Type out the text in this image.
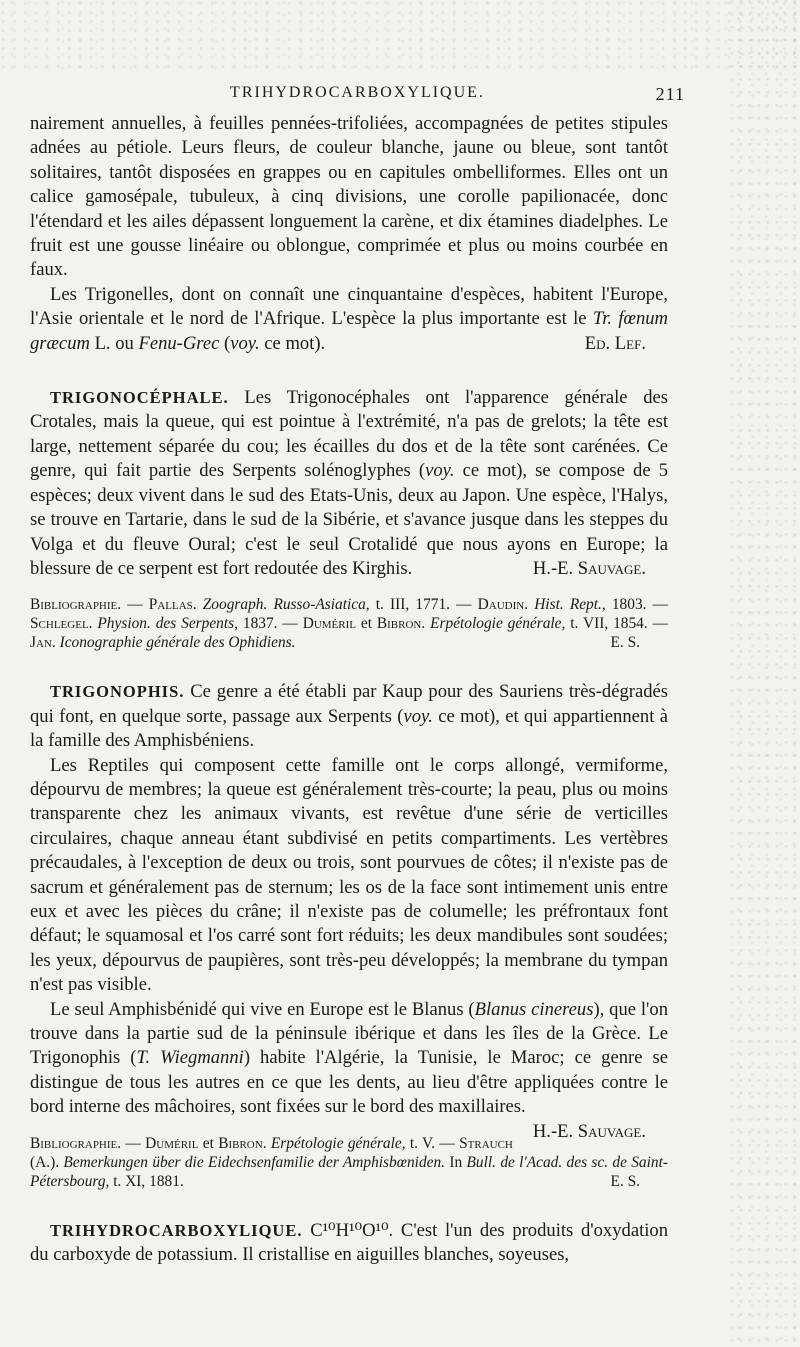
TRIHYDROCARBOXYLIQUE.	211

nairement annuelles, à feuilles pennées-trifoliées, accompagnées de petites stipules adnées au pétiole. Leurs fleurs, de couleur blanche, jaune ou bleue, sont tantôt solitaires, tantôt disposées en grappes ou en capitules ombelliformes. Elles ont un calice gamosépale, tubuleux, à cinq divisions, une corolle papilionacée, donc l'étendard et les ailes dépassent longuement la carène, et dix étamines diadelphes. Le fruit est une gousse linéaire ou oblongue, comprimée et plus ou moins courbée en faux.

Les Trigonelles, dont on connaît une cinquantaine d'espèces, habitent l'Europe, l'Asie orientale et le nord de l'Afrique. L'espèce la plus importante est le Tr. fœnum græcum L. ou Fenu-Grec (voy. ce mot).	Ed. Lef.

TRIGONOCÉPHALE. Les Trigonocéphales ont l'apparence générale des Crotales, mais la queue, qui est pointue à l'extrémité, n'a pas de grelots; la tête est large, nettement séparée du cou; les écailles du dos et de la tête sont carénées. Ce genre, qui fait partie des Serpents solénoglyphes (voy. ce mot), se compose de 5 espèces; deux vivent dans le sud des Etats-Unis, deux au Japon. Une espèce, l'Halys, se trouve en Tartarie, dans le sud de la Sibérie, et s'avance jusque dans les steppes du Volga et du fleuve Oural; c'est le seul Crotalidé que nous ayons en Europe; la blessure de ce serpent est fort redoutée des Kirghis.	H.-E. Sauvage.

Bibliographie. — Pallas. Zoograph. Russo-Asiatica, t. III, 1771. — Daudin. Hist. Rept., 1803. — Schlegel. Physion. des Serpents, 1837. — Duméril et Bibron. Erpétologie générale, t. VII, 1854. — Jan. Iconographie générale des Ophidiens.	E. S.

TRIGONOPHIS. Ce genre a été établi par Kaup pour des Sauriens très-dégradés qui font, en quelque sorte, passage aux Serpents (voy. ce mot), et qui appartiennent à la famille des Amphisbéniens.

Les Reptiles qui composent cette famille ont le corps allongé, vermiforme, dépourvu de membres; la queue est généralement très-courte; la peau, plus ou moins transparente chez les animaux vivants, est revêtue d'une série de verticilles circulaires, chaque anneau étant subdivisé en petits compartiments. Les vertèbres précaudales, à l'exception de deux ou trois, sont pourvues de côtes; il n'existe pas de sacrum et généralement pas de sternum; les os de la face sont intimement unis entre eux et avec les pièces du crâne; il n'existe pas de columelle; les préfrontaux font défaut; le squamosal et l'os carré sont fort réduits; les deux mandibules sont soudées; les yeux, dépourvus de paupières, sont très-peu développés; la membrane du tympan n'est pas visible.

Le seul Amphisbénidé qui vive en Europe est le Blanus (Blanus cinereus), que l'on trouve dans la partie sud de la péninsule ibérique et dans les îles de la Grèce. Le Trigonophis (T. Wiegmanni) habite l'Algérie, la Tunisie, le Maroc; ce genre se distingue de tous les autres en ce que les dents, au lieu d'être appliquées contre le bord interne des mâchoires, sont fixées sur le bord des maxillaires.
H.-E. Sauvage.

Bibliographie. — Duméril et Bibron. Erpétologie générale, t. V. — Strauch (A.). Bemerkungen über die Eidechsenfamilie der Amphisbœniden. In Bull. de l'Acad. des sc. de Saint-Pétersbourg, t. XI, 1881.	E. S.

TRIHYDROCARBOXYLIQUE. C¹⁰H¹⁰O¹⁰. C'est l'un des produits d'oxydation du carboxyde de potassium. Il cristallise en aiguilles blanches, soyeuses,
